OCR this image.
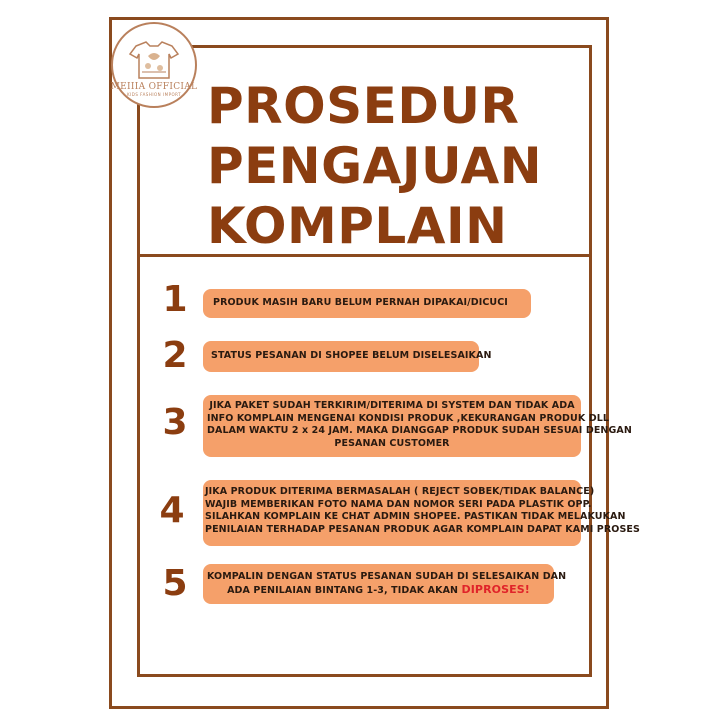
MEIIIA OFFICIAL
KIDS FASHION IMPORT PROSEDUR
PENGAJUAN
KOMPLAIN
1	PRODUK MASIH BARU BELUM PERNAH DIPAKAI/DICUCI
2	STATUS PESANAN DI SHOPEE BELUM DISELESAIKAN
3	JIKA PAKET SUDAH TERKIRIM/DITERIMA DI SYSTEM DAN TIDAK ADA
INFO KOMPLAIN MENGENAI KONDISI PRODUK ,KEKURANGAN PRODUK DLL
DALAM WAKTU 2 x 24 JAM. MAKA DIANGGAP PRODUK SUDAH SESUAI DENGAN
PESANAN CUSTOMER
4	JIKA PRODUK DITERIMA BERMASALAH ( REJECT SOBEK/TIDAK BALANCE)
WAJIB MEMBERIKAN FOTO NAMA DAN NOMOR SERI PADA PLASTIK OPP.
SILAHKAN KOMPLAIN KE CHAT ADMIN SHOPEE. PASTIKAN TIDAK MELAKUKAN
PENILAIAN TERHADAP PESANAN PRODUK AGAR KOMPLAIN DAPAT KAMI PROSES
5	KOMPALIN DENGAN STATUS PESANAN SUDAH DI SELESAIKAN DAN
ADA PENILAIAN BINTANG 1-3, TIDAK AKAN DIPROSES!
